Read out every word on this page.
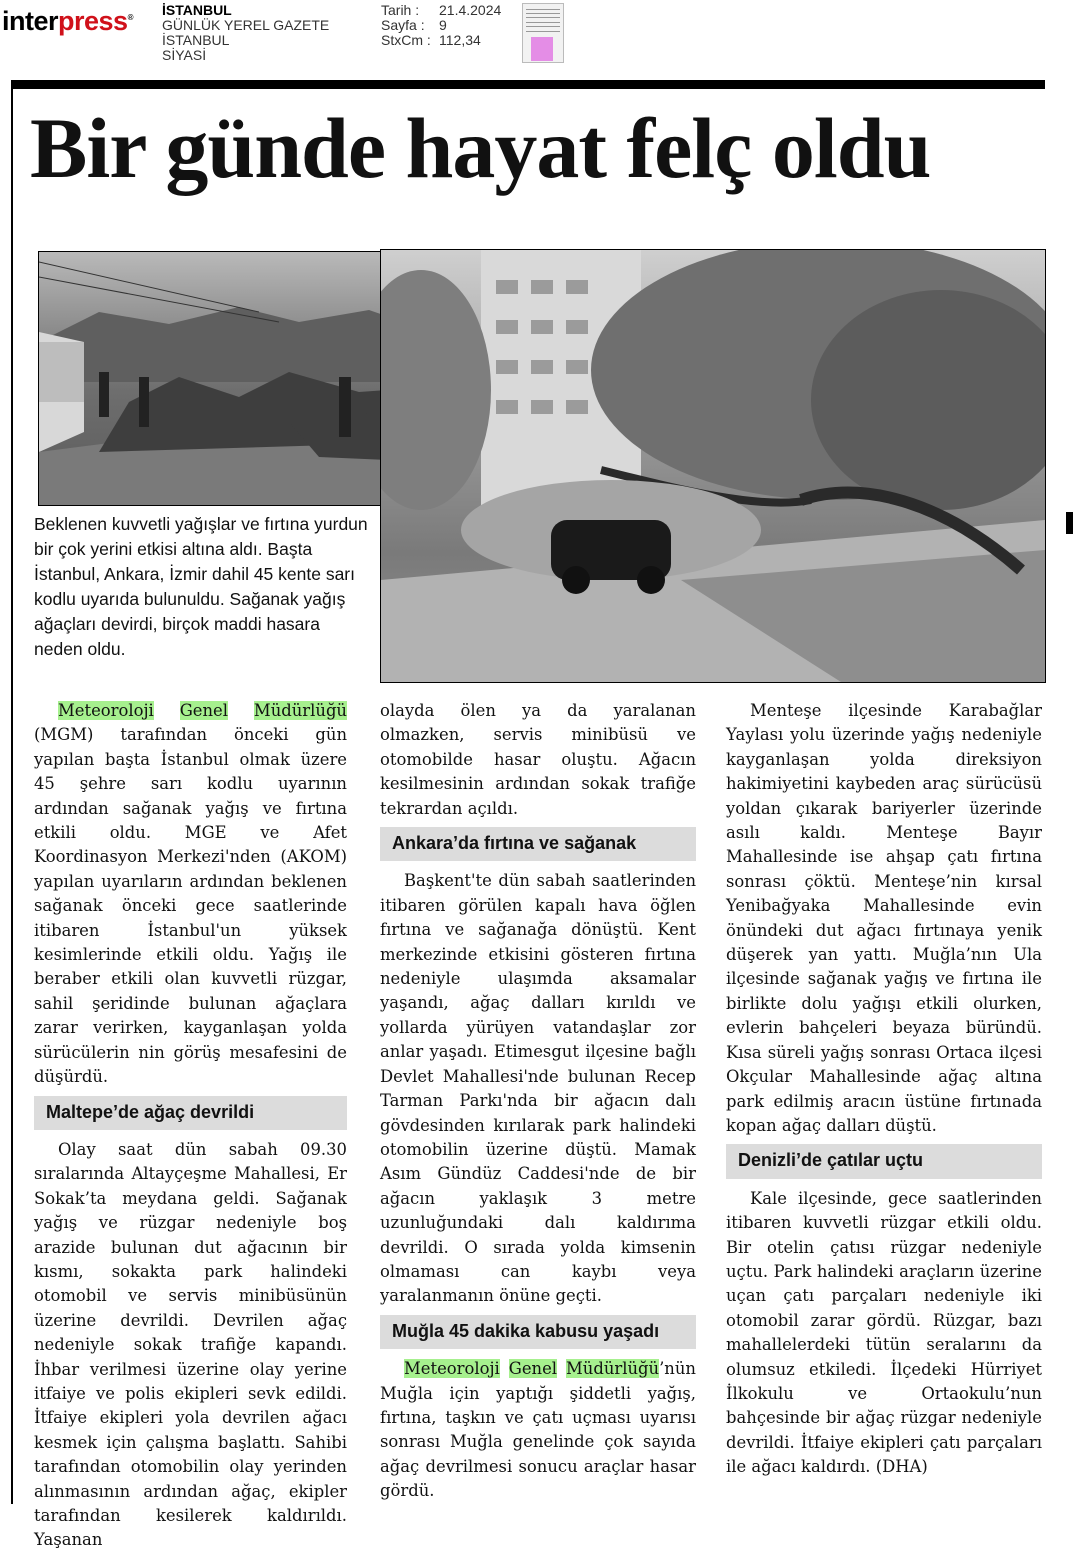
interpress® İSTANBUL
GÜNLÜK YEREL GAZETE
İSTANBUL
SİYASİ
Tarih :	21.4.2024
Sayfa :	9
StxCm : 112,34
Bir günde hayat felç oldu
Beklenen kuvvetli yağışlar ve fırtına yurdun bir çok yerini etkisi altına aldı. Başta İstanbul, Ankara, İzmir dahil 45 kente sarı kodlu uyarıda bulunuldu. Sağanak yağış ağaçları devirdi, birçok maddi hasara neden oldu.

Meteoroloji Genel Müdürlüğü (MGM) tarafından önceki gün yapılan başta İstanbul olmak üzere 45 şehre sarı kodlu uyarının ardından sağanak yağış ve fırtına etkili oldu. MGE ve Afet Koordinasyon Merkezi'nden (AKOM) yapılan uyarıların ardından beklenen sağanak önceki gece saatlerinde itibaren İstanbul'un yüksek kesimlerinde etkili oldu. Yağış ile beraber etkili olan kuvvetli rüzgar, sahil şeridinde bulunan ağaçlara zarar verirken, kayganlaşan yolda sürücülerin nin görüş mesafesini de düşürdü.

Maltepe’de ağaç devrildi

Olay saat dün sabah 09.30 sıralarında Altayçeşme Mahallesi, Er Sokak’ta meydana geldi. Sağanak yağış ve rüzgar nedeniyle boş arazide bulunan dut ağacının bir kısmı, sokakta park halindeki otomobil ve servis minibüsünün üzerine devrildi. Devrilen ağaç nedeniyle sokak trafiğe kapandı. İhbar verilmesi üzerine olay yerine itfaiye ve polis ekipleri sevk edildi. İtfaiye ekipleri yola devrilen ağacı kesmek için çalışma başlattı. Sahibi tarafından otomobilin olay yerinden alınmasının ardından ağaç, ekipler tarafından kesilerek kaldırıldı. Yaşanan

olayda ölen ya da yaralanan olmazken, servis minibüsü ve otomobilde hasar oluştu. Ağacın kesilmesinin ardından sokak trafiğe tekrardan açıldı.

Ankara’da fırtına ve sağanak

Başkent'te dün sabah saatlerinden itibaren görülen kapalı hava öğlen fırtına ve sağanağa dönüştü. Kent merkezinde etkisini gösteren fırtına nedeniyle ulaşımda aksamalar yaşandı, ağaç dalları kırıldı ve yollarda yürüyen vatandaşlar zor anlar yaşadı. Etimesgut ilçesine bağlı Devlet Mahallesi'nde bulunan Recep Tarman Parkı'nda bir ağacın dalı gövdesinden kırılarak park halindeki otomobilin üzerine düştü. Mamak Asım Gündüz Caddesi'nde de bir ağacın yaklaşık 3 metre uzunluğundaki dalı kaldırıma devrildi. O sırada yolda kimsenin olmaması can kaybı veya yaralanmanın önüne geçti.

Muğla 45 dakika kabusu yaşadı

Meteoroloji Genel Müdürlüğü’nün Muğla için yaptığı şiddetli yağış, fırtına, taşkın ve çatı uçması uyarısı sonrası Muğla genelinde çok sayıda ağaç devrilmesi sonucu araçlar hasar gördü.

Menteşe ilçesinde Karabağlar Yaylası yolu üzerinde yağış nedeniyle kayganlaşan yolda direksiyon hakimiyetini kaybeden araç sürücüsü yoldan çıkarak bariyerler üzerinde asılı kaldı. Menteşe Bayır Mahallesinde ise ahşap çatı fırtına sonrası çöktü. Menteşe’nin kırsal Yenibağyaka Mahallesinde evin önündeki dut ağacı fırtınaya yenik düşerek yan yattı. Muğla’nın Ula ilçesinde sağanak yağış ve fırtına ile birlikte dolu yağışı etkili olurken, evlerin bahçeleri beyaza büründü. Kısa süreli yağış sonrası Ortaca ilçesi Okçular Mahallesinde ağaç altına park edilmiş aracın üstüne fırtınada kopan ağaç dalları düştü.

Denizli’de çatılar uçtu

Kale ilçesinde, gece saatlerinden itibaren kuvvetli rüzgar etkili oldu. Bir otelin çatısı rüzgar nedeniyle uçtu. Park halindeki araçların üzerine uçan çatı parçaları nedeniyle iki otomobil zarar gördü. Rüzgar, bazı mahallelerdeki tütün seralarını da olumsuz etkiledi. İlçedeki Hürriyet İlkokulu ve Ortaokulu’nun bahçesinde bir ağaç rüzgar nedeniyle devrildi. İtfaiye ekipleri çatı parçaları ile ağacı kaldırdı. (DHA)
